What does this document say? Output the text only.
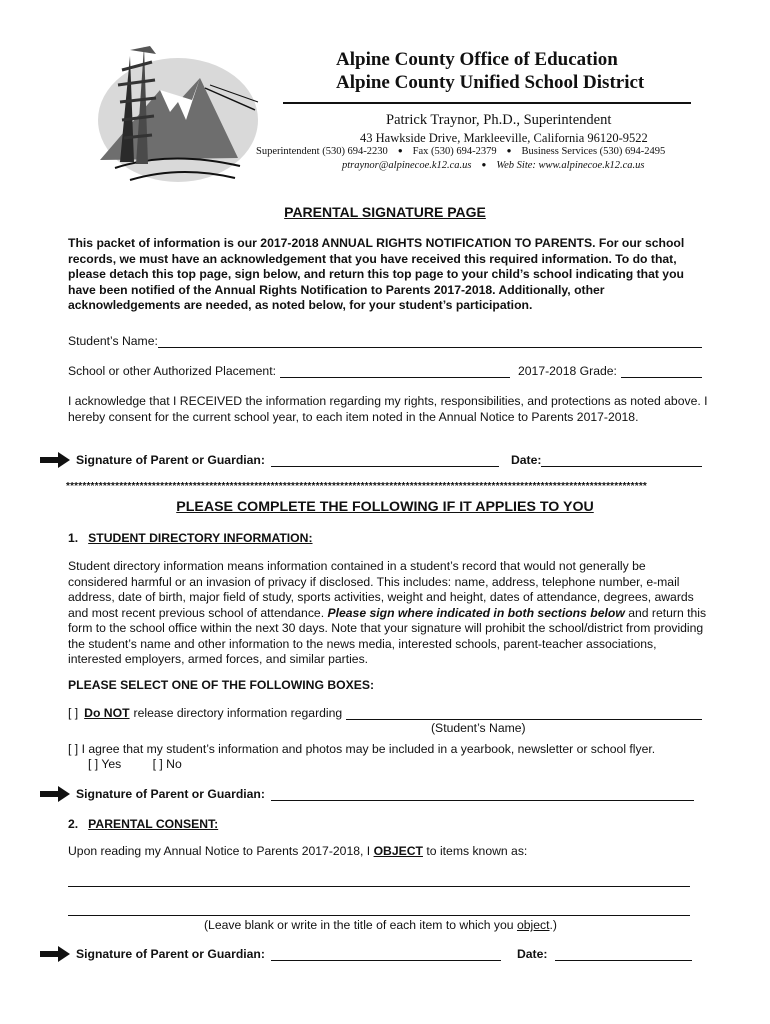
Alpine County Office of Education
Alpine County Unified School District
Patrick Traynor, Ph.D., Superintendent
43 Hawkside Drive, Markleeville, California 96120-9522
Superintendent (530) 694-2230 ● Fax (530) 694-2379 ● Business Services (530) 694-2495
ptraynor@alpinecoe.k12.ca.us ● Web Site: www.alpinecoe.k12.ca.us
PARENTAL SIGNATURE PAGE
This packet of information is our 2017-2018 ANNUAL RIGHTS NOTIFICATION TO PARENTS. For our school records, we must have an acknowledgement that you have received this required information. To do that, please detach this top page, sign below, and return this top page to your child’s school indicating that you have been notified of the Annual Rights Notification to Parents 2017-2018. Additionally, other acknowledgements are needed, as noted below, for your student’s participation.
Student’s Name:
School or other Authorized Placement:	2017-2018 Grade:
I acknowledge that I RECEIVED the information regarding my rights, responsibilities, and protections as noted above. I hereby consent for the current school year, to each item noted in the Annual Notice to Parents 2017-2018.
Signature of Parent or Guardian:	Date:
**********************************************************************************************************************************************
PLEASE COMPLETE THE FOLLOWING IF IT APPLIES TO YOU
1. STUDENT DIRECTORY INFORMATION:
Student directory information means information contained in a student’s record that would not generally be considered harmful or an invasion of privacy if disclosed. This includes: name, address, telephone number, e-mail address, date of birth, major field of study, sports activities, weight and height, dates of attendance, degrees, awards and most recent previous school of attendance. Please sign where indicated in both sections below and return this form to the school office within the next 30 days. Note that your signature will prohibit the school/district from providing the student’s name and other information to the news media, interested schools, parent-teacher associations, interested employers, armed forces, and similar parties.
PLEASE SELECT ONE OF THE FOLLOWING BOXES:
[ ] Do NOT release directory information regarding
(Student’s Name)
[ ] I agree that my student’s information and photos may be included in a yearbook, newsletter or school flyer.
[ ] Yes	[ ] No
Signature of Parent or Guardian:
2. PARENTAL CONSENT:
Upon reading my Annual Notice to Parents 2017-2018, I OBJECT to items known as:
(Leave blank or write in the title of each item to which you object.)
Signature of Parent or Guardian:	Date:
